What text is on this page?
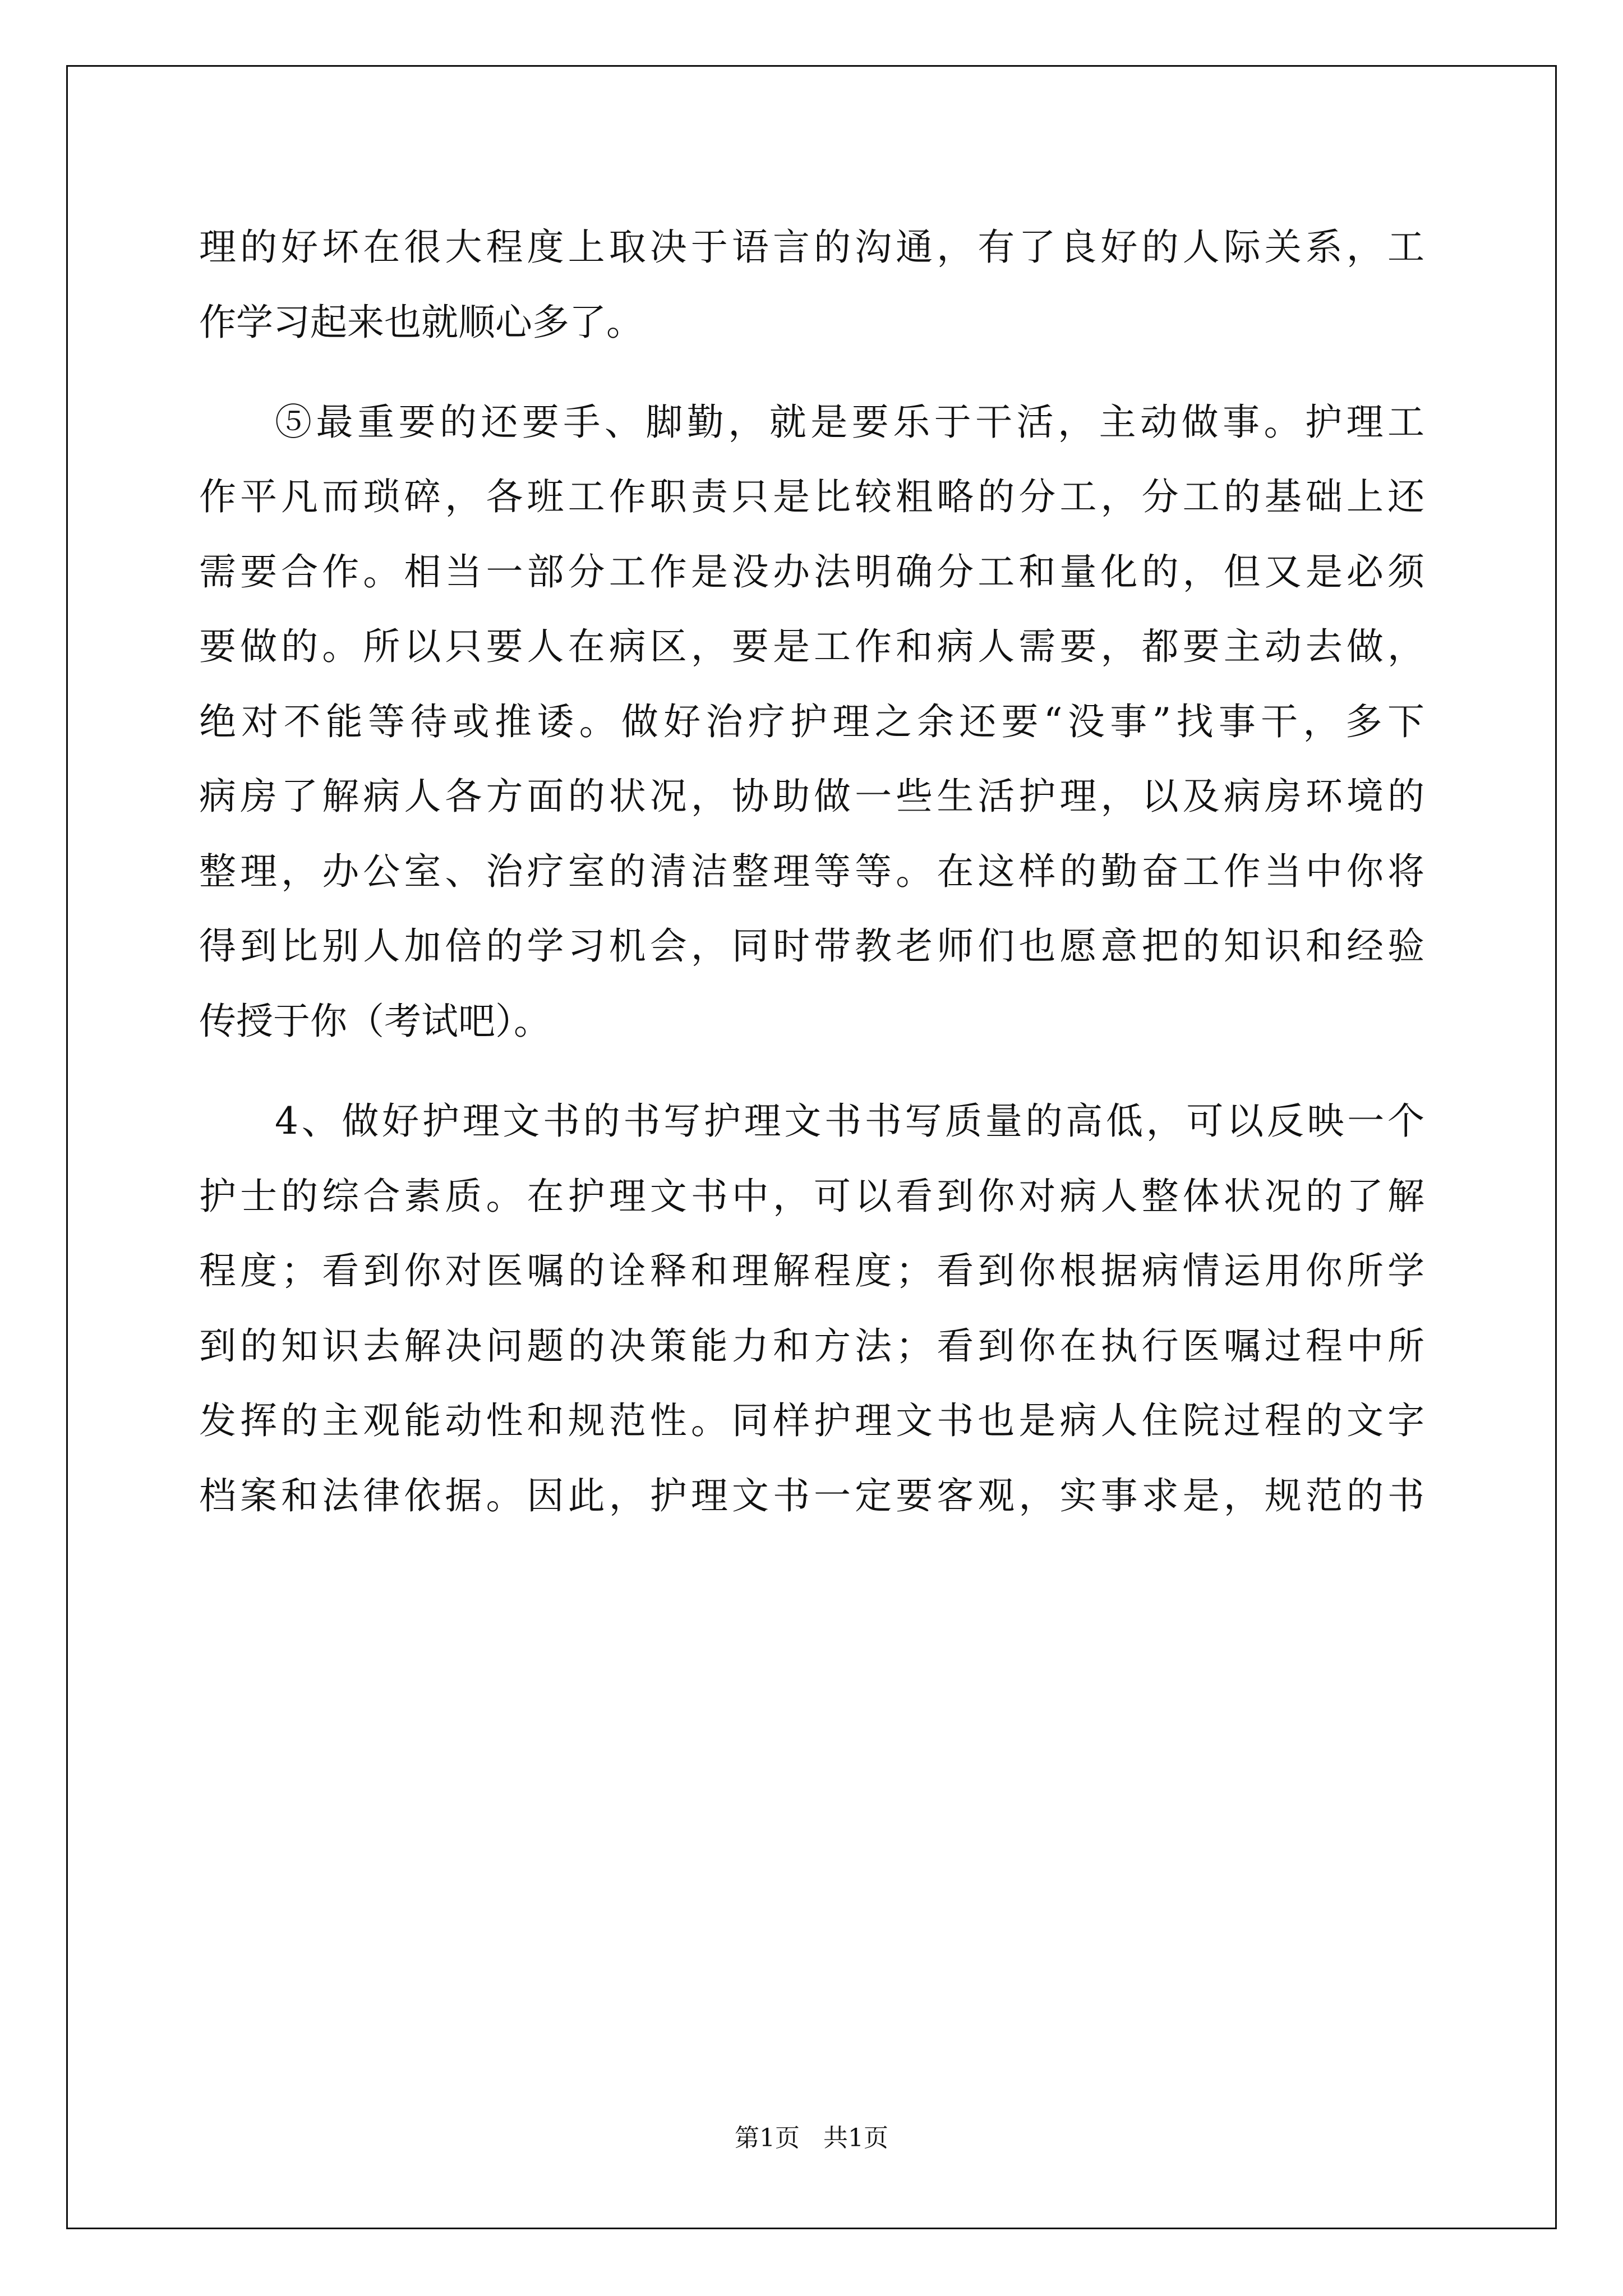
理的好坏在很大程度上取决于语言的沟通，有了良好的人际关系，工

作学习起来也就顺心多了。

⑤最重要的还要手、脚勤，就是要乐于干活，主动做事。护理工

作平凡而琐碎，各班工作职责只是比较粗略的分工，分工的基础上还

需要合作。相当一部分工作是没办法明确分工和量化的，但又是必须

要做的。所以只要人在病区，要是工作和病人需要，都要主动去做，

绝对不能等待或推诿。做好治疗护理之余还要“没事”找事干，多下

病房了解病人各方面的状况，协助做一些生活护理，以及病房环境的

整理，办公室、治疗室的清洁整理等等。在这样的勤奋工作当中你将

得到比别人加倍的学习机会，同时带教老师们也愿意把的知识和经验

传授于你（考试吧）。

4、做好护理文书的书写护理文书书写质量的高低，可以反映一个

护士的综合素质。在护理文书中，可以看到你对病人整体状况的了解

程度；看到你对医嘱的诠释和理解程度；看到你根据病情运用你所学

到的知识去解决问题的决策能力和方法；看到你在执行医嘱过程中所

发挥的主观能动性和规范性。同样护理文书也是病人住院过程的文字

档案和法律依据。因此，护理文书一定要客观，实事求是，规范的书

第1页   共1页
